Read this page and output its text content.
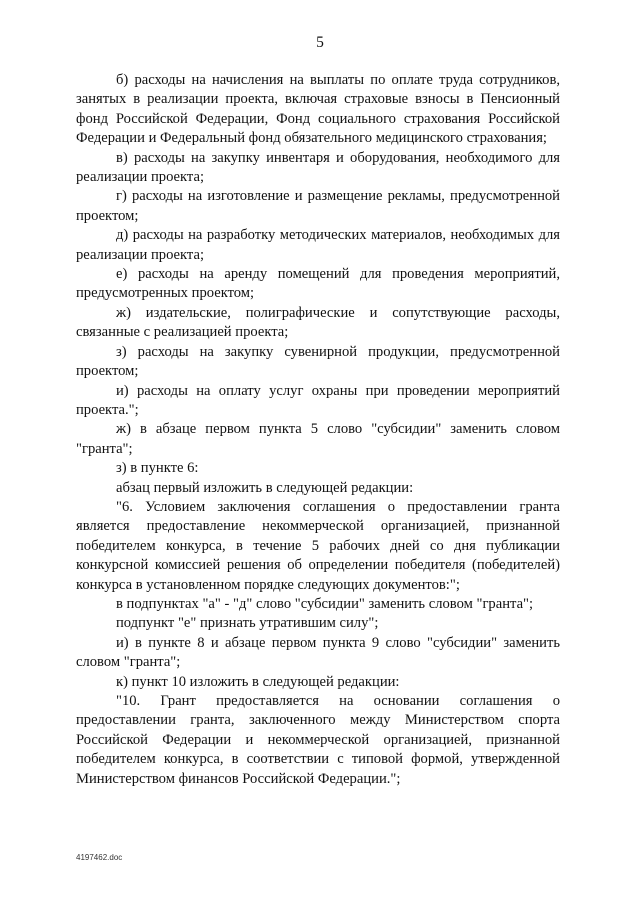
5

б) расходы на начисления на выплаты по оплате труда сотрудников, занятых в реализации проекта, включая страховые взносы в Пенсионный фонд Российской Федерации, Фонд социального страхования Российской Федерации и Федеральный фонд обязательного медицинского страхования;

в) расходы на закупку инвентаря и оборудования, необходимого для реализации проекта;

г) расходы на изготовление и размещение рекламы, предусмотренной проектом;

д) расходы на разработку методических материалов, необходимых для реализации проекта;

е) расходы на аренду помещений для проведения мероприятий, предусмотренных проектом;

ж) издательские, полиграфические и сопутствующие расходы, связанные с реализацией проекта;

з) расходы на закупку сувенирной продукции, предусмотренной проектом;

и) расходы на оплату услуг охраны при проведении мероприятий проекта.";

ж) в абзаце первом пункта 5 слово "субсидии" заменить словом "гранта";

з) в пункте 6:

абзац первый изложить в следующей редакции:

"6. Условием заключения соглашения о предоставлении гранта является предоставление некоммерческой организацией, признанной победителем конкурса, в течение 5 рабочих дней со дня публикации конкурсной комиссией решения об определении победителя (победителей) конкурса в установленном порядке следующих документов:";

в подпунктах "а" - "д" слово "субсидии" заменить словом "гранта";

подпункт "е" признать утратившим силу";

и) в пункте 8 и абзаце первом пункта 9 слово "субсидии" заменить словом "гранта";

к) пункт 10 изложить в следующей редакции:

"10. Грант предоставляется на основании соглашения о предоставлении гранта, заключенного между Министерством спорта Российской Федерации и некоммерческой организацией, признанной победителем конкурса, в соответствии с типовой формой, утвержденной Министерством финансов Российской Федерации.";

4197462.doc
